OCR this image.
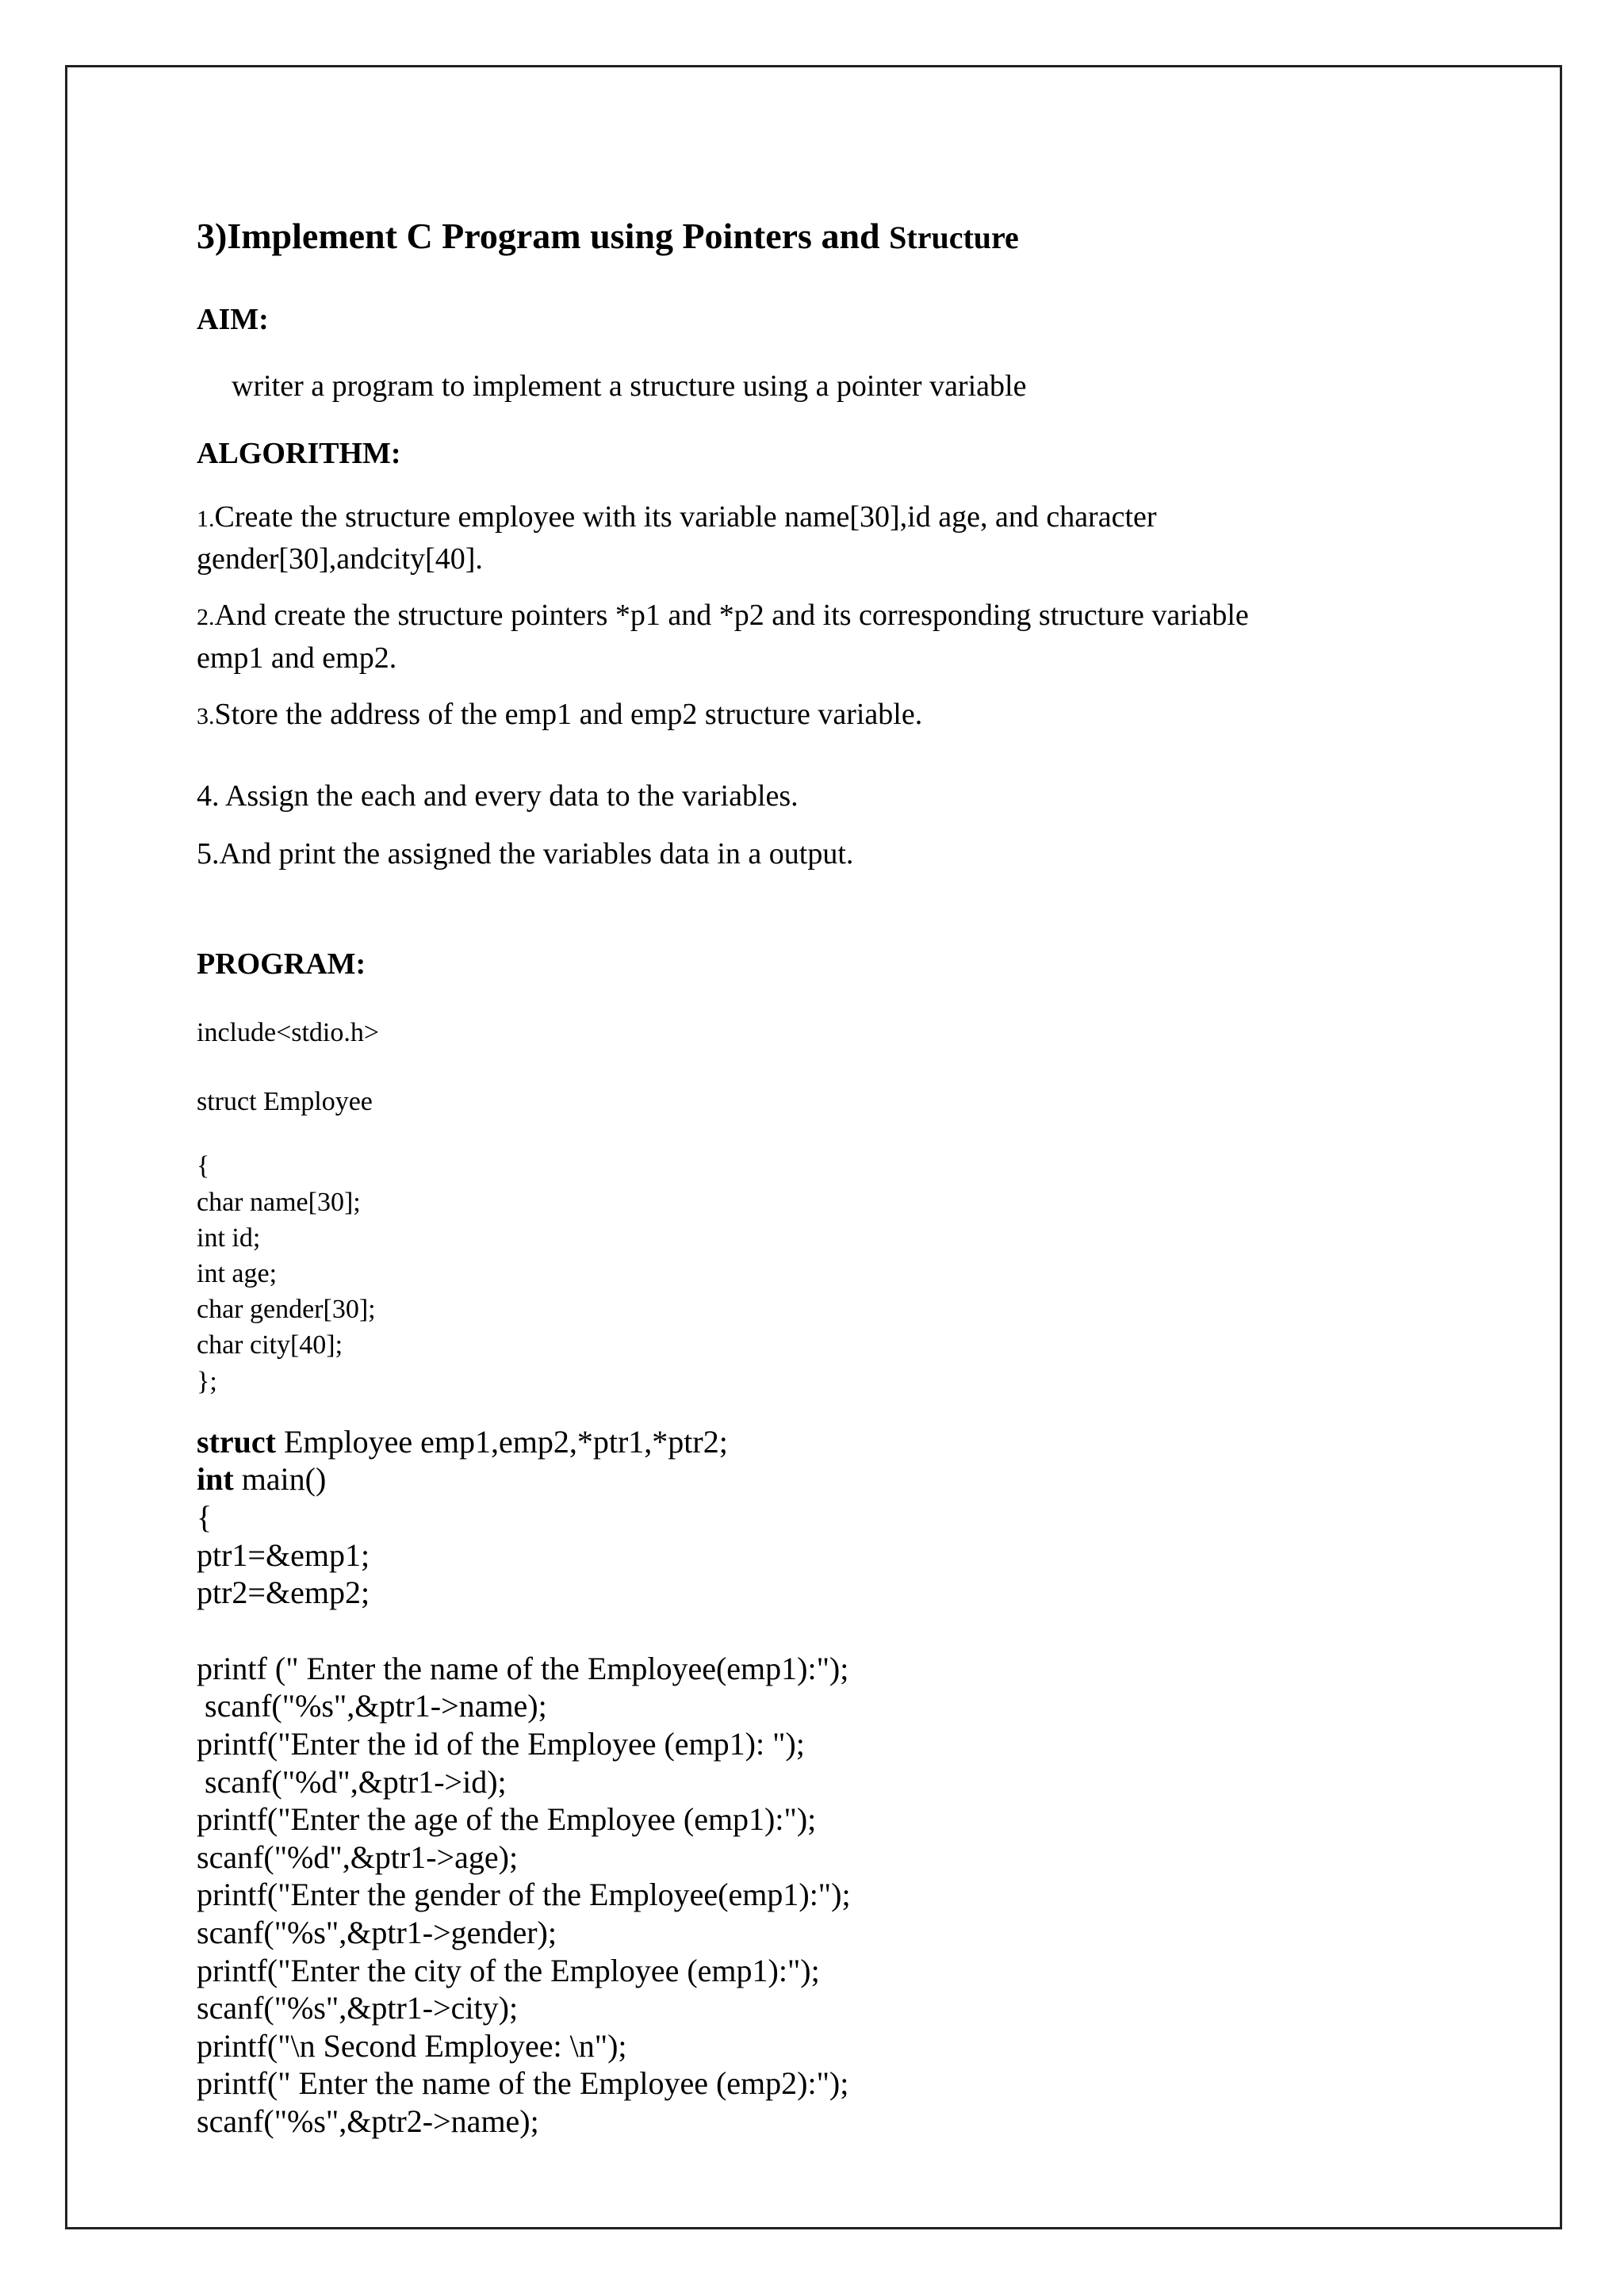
3)Implement C Program using Pointers and Structure
AIM:

writer a program to implement a structure using a pointer variable

ALGORITHM:

1.Create the structure employee with its variable name[30],id age, and character
gender[30],andcity[40].

2.And create the structure pointers *p1 and *p2 and its corresponding structure variable
emp1 and emp2.

3.Store the address of the emp1 and emp2 structure variable.

4. Assign the each and every data to the variables.

5.And print the assigned the variables data in a output.

PROGRAM:
include<stdio.h>
struct Employee
{
char name[30];
int id;
int age;
char gender[30];
char city[40];
};
struct Employee emp1,emp2,*ptr1,*ptr2;
int main()
{
ptr1=&emp1;
ptr2=&emp2;
printf (" Enter the name of the Employee(emp1):");
scanf("%s",&ptr1->name);
printf("Enter the id of the Employee (emp1): ");
scanf("%d",&ptr1->id);
printf("Enter the age of the Employee (emp1):");
scanf("%d",&ptr1->age);
printf("Enter the gender of the Employee(emp1):");
scanf("%s",&ptr1->gender);
printf("Enter the city of the Employee (emp1):");
scanf("%s",&ptr1->city);
printf("\n Second Employee: \n");
printf(" Enter the name of the Employee (emp2):");
scanf("%s",&ptr2->name);
